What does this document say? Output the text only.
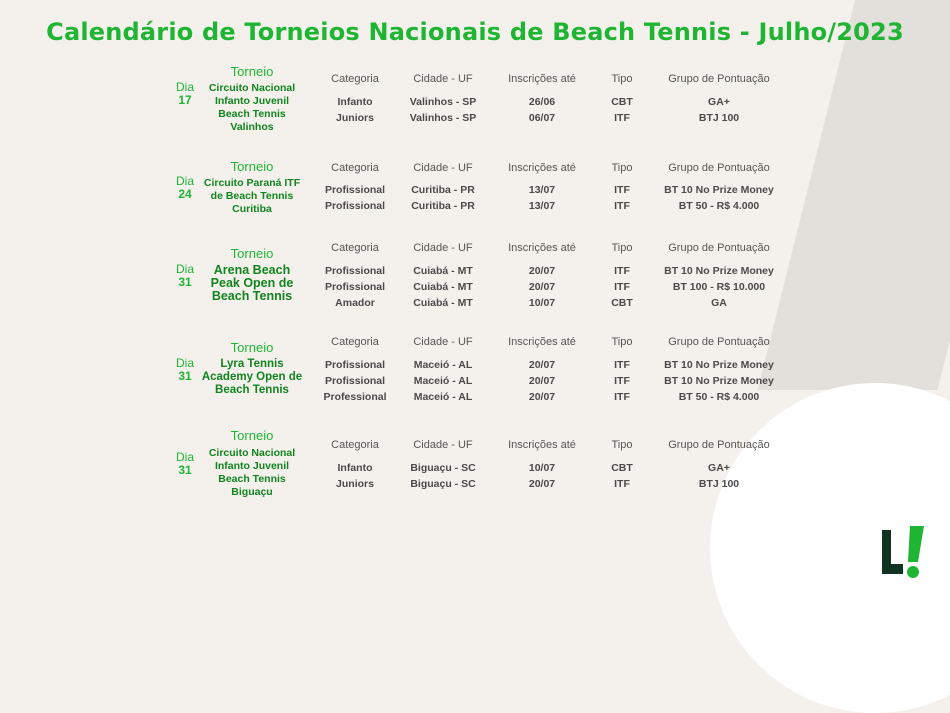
Calendário de Torneios Nacionais de Beach Tennis - Julho/2023
Dia
17
Torneio
Circuito Nacional Infanto Juvenil Beach Tennis Valinhos
Categoria	Cidade - UF	Inscrições até	Tipo	Grupo de Pontuação
Infanto	Valinhos - SP	26/06	CBT	GA+
Juniors	Valinhos - SP	06/07	ITF	BTJ 100
Dia
24
Torneio
Circuito Paraná ITF de Beach Tennis Curitiba
Categoria	Cidade - UF	Inscrições até	Tipo	Grupo de Pontuação
Profissional	Curitiba - PR	13/07	ITF	BT 10 No Prize Money
Profissional	Curitiba - PR	13/07	ITF	BT 50 - R$ 4.000
Dia
31
Torneio
Arena Beach Peak Open de Beach Tennis
Categoria	Cidade - UF	Inscrições até	Tipo	Grupo de Pontuação
Profissional	Cuiabá - MT	20/07	ITF	BT 10 No Prize Money
Profissional	Cuiabá - MT	20/07	ITF	BT 100 - R$ 10.000
Amador	Cuiabá - MT	10/07	CBT	GA
Dia
31
Torneio
Lyra Tennis Academy Open de Beach Tennis
Categoria	Cidade - UF	Inscrições até	Tipo	Grupo de Pontuação
Profissional	Maceió - AL	20/07	ITF	BT 10 No Prize Money
Profissional	Maceió - AL	20/07	ITF	BT 10 No Prize Money
Professional	Maceió - AL	20/07	ITF	BT 50 - R$ 4.000
Dia
31
Torneio
Circuito Nacional Infanto Juvenil Beach Tennis Biguaçu
Categoria	Cidade - UF	Inscrições até	Tipo	Grupo de Pontuação
Infanto	Biguaçu - SC	10/07	CBT	GA+
Juniors	Biguaçu - SC	20/07	ITF	BTJ 100
